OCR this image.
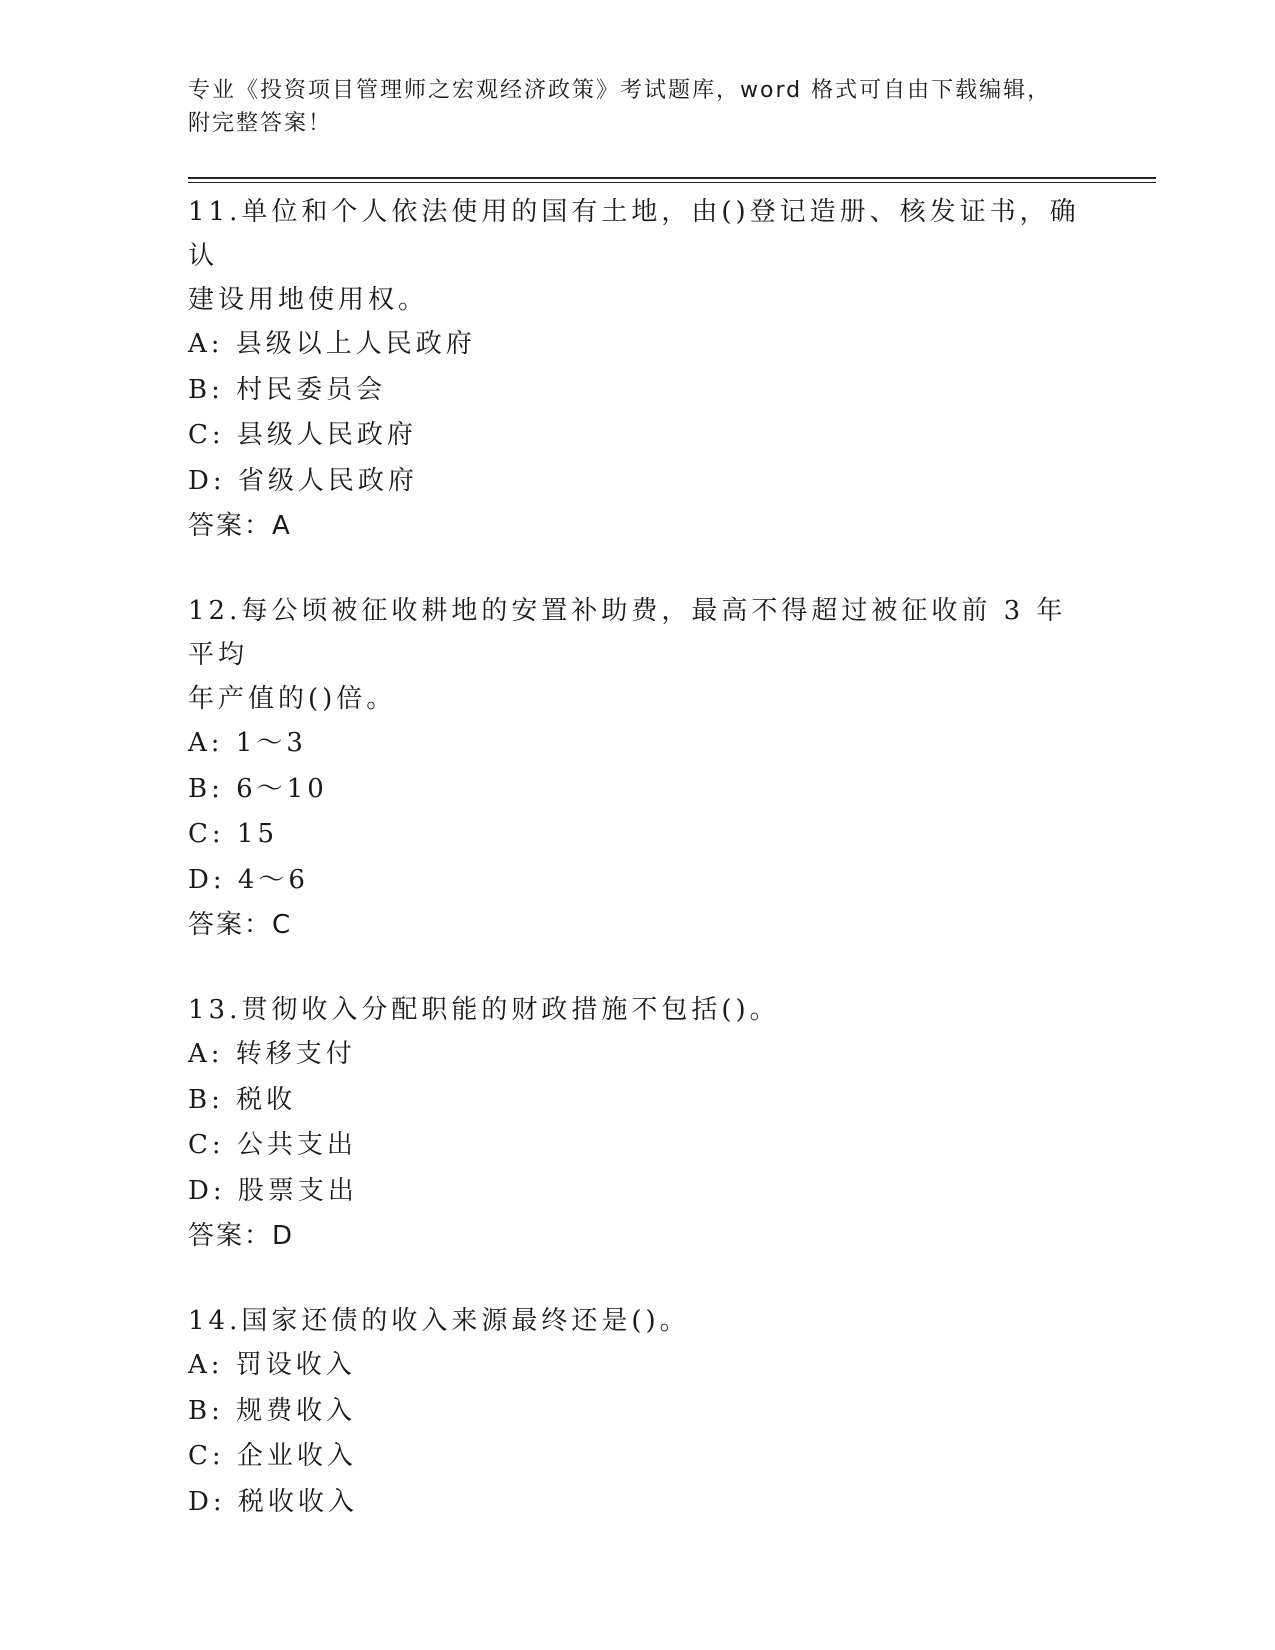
专业《投资项目管理师之宏观经济政策》考试题库，word 格式可自由下载编辑，
附完整答案！

11.单位和个人依法使用的国有土地，由()登记造册、核发证书，确认
建设用地使用权。

A: 县级以上人民政府

B: 村民委员会

C: 县级人民政府

D: 省级人民政府

答案：A

12.每公顷被征收耕地的安置补助费，最高不得超过被征收前 3 年平均
年产值的()倍。

A: 1～3

B: 6～10

C: 15

D: 4～6

答案：C

13.贯彻收入分配职能的财政措施不包括()。

A: 转移支付

B: 税收

C: 公共支出

D: 股票支出

答案：D

14.国家还债的收入来源最终还是()。

A: 罚设收入

B: 规费收入

C: 企业收入

D: 税收收入
